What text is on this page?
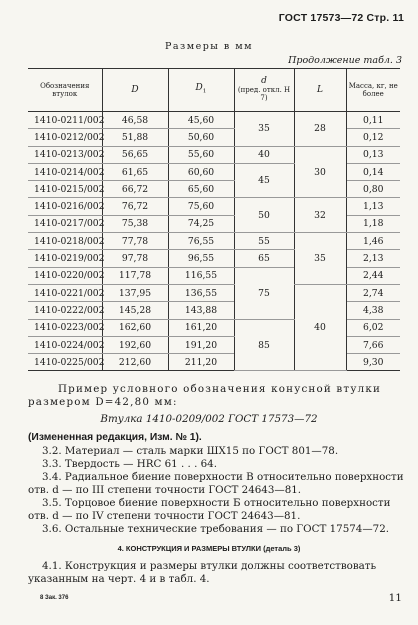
ГОСТ 17573—72 Стр. 11
Размеры в мм
Продолжение табл. 3
Обозначения втулок	D	$D_1$	d
(пред. откл. Н 7)	L	Масса, кг, не более
1410-0211/002	46,58	45,60	35	28	0,11
1410-0212/002	51,88	50,60			0,12
1410-0213/002	56,65	55,60	40	30	0,13
1410-0214/002	61,65	60,60	45		0,14
1410-0215/002	66,72	65,60			0,80
1410-0216/002	76,72	75,60	50	32	1,13
1410-0217/002	75,38	74,25			1,18
1410-0218/002	77,78	76,55	55	35	1,46
1410-0219/002	97,78	96,55	65		2,13
1410-0220/002	117,78	116,55	75		2,44
1410-0221/002	137,95	136,55		40	2,74
1410-0222/002	145,28	143,88			4,38
1410-0223/002	162,60	161,20	85		6,02
1410-0224/002	192,60	191,20			7,66
1410-0225/002	212,60	211,20			9,30
Пример условного обозначения конусной втулки размером D=42,80 мм:
Втулка 1410-0209/002 ГОСТ 17573—72
(Измененная редакция, Изм. № 1).
3.2. Материал — сталь марки ШХ15 по ГОСТ 801—78.
3.3. Твердость — HRC 61 . . . 64.
3.4. Радиальное биение поверхности В относительно поверхности отв. d — по III степени точности ГОСТ 24643—81.
3.5. Торцовое биение поверхности Б относительно поверхности отв. d — по IV степени точности ГОСТ 24643—81.
3.6. Остальные технические требования — по ГОСТ 17574—72.
4. КОНСТРУКЦИЯ И РАЗМЕРЫ ВТУЛКИ (деталь 3)
4.1. Конструкция и размеры втулки должны соответствовать указанным на черт. 4 и в табл. 4.
8 Зак. 376	11
